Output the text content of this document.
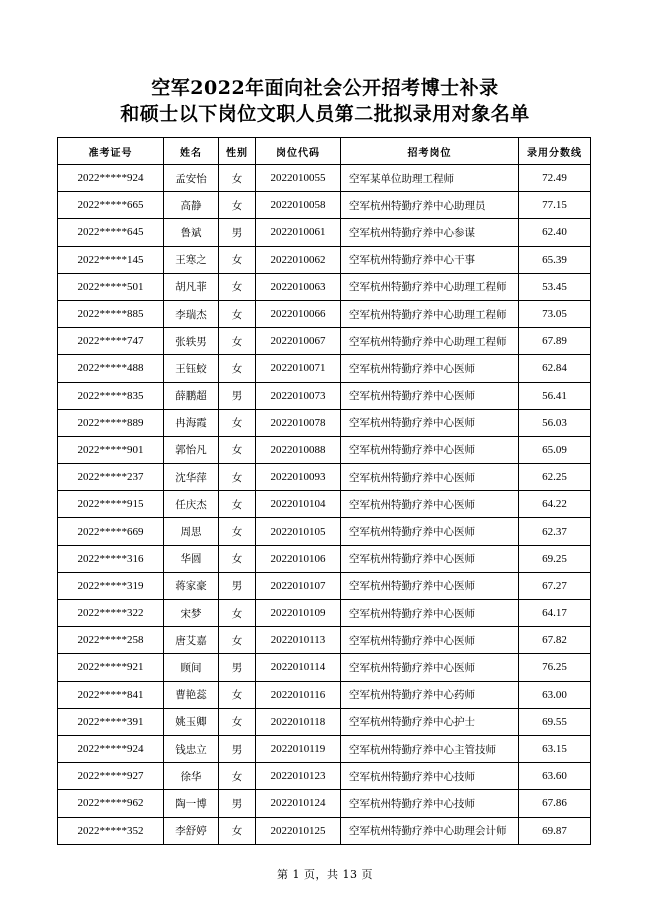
空军2022年面向社会公开招考博士补录
和硕士以下岗位文职人员第二批拟录用对象名单
准考证号	姓名	性别	岗位代码	招考岗位	录用分数线
2022*****924	孟安怡	女	2022010055	空军某单位助理工程师	72.49
2022*****665	高静	女	2022010058	空军杭州特勤疗养中心助理员	77.15
2022*****645	鲁斌	男	2022010061	空军杭州特勤疗养中心参谋	62.40
2022*****145	王寒之	女	2022010062	空军杭州特勤疗养中心干事	65.39
2022*****501	胡凡菲	女	2022010063	空军杭州特勤疗养中心助理工程师	53.45
2022*****885	李瑞杰	女	2022010066	空军杭州特勤疗养中心助理工程师	73.05
2022*****747	张轶男	女	2022010067	空军杭州特勤疗养中心助理工程师	67.89
2022*****488	王钰蛟	女	2022010071	空军杭州特勤疗养中心医师	62.84
2022*****835	薛鹏超	男	2022010073	空军杭州特勤疗养中心医师	56.41
2022*****889	冉海霞	女	2022010078	空军杭州特勤疗养中心医师	56.03
2022*****901	郭怡凡	女	2022010088	空军杭州特勤疗养中心医师	65.09
2022*****237	沈华萍	女	2022010093	空军杭州特勤疗养中心医师	62.25
2022*****915	任庆杰	女	2022010104	空军杭州特勤疗养中心医师	64.22
2022*****669	周思	女	2022010105	空军杭州特勤疗养中心医师	62.37
2022*****316	华圆	女	2022010106	空军杭州特勤疗养中心医师	69.25
2022*****319	蒋家豪	男	2022010107	空军杭州特勤疗养中心医师	67.27
2022*****322	宋梦	女	2022010109	空军杭州特勤疗养中心医师	64.17
2022*****258	唐艾嘉	女	2022010113	空军杭州特勤疗养中心医师	67.82
2022*****921	顾间	男	2022010114	空军杭州特勤疗养中心医师	76.25
2022*****841	曹艳蕊	女	2022010116	空军杭州特勤疗养中心药师	63.00
2022*****391	姚玉卿	女	2022010118	空军杭州特勤疗养中心护士	69.55
2022*****924	钱忠立	男	2022010119	空军杭州特勤疗养中心主管技师	63.15
2022*****927	徐华	女	2022010123	空军杭州特勤疗养中心技师	63.60
2022*****962	陶一博	男	2022010124	空军杭州特勤疗养中心技师	67.86
2022*****352	李舒婷	女	2022010125	空军杭州特勤疗养中心助理会计师	69.87
第 1 页，共 13 页
